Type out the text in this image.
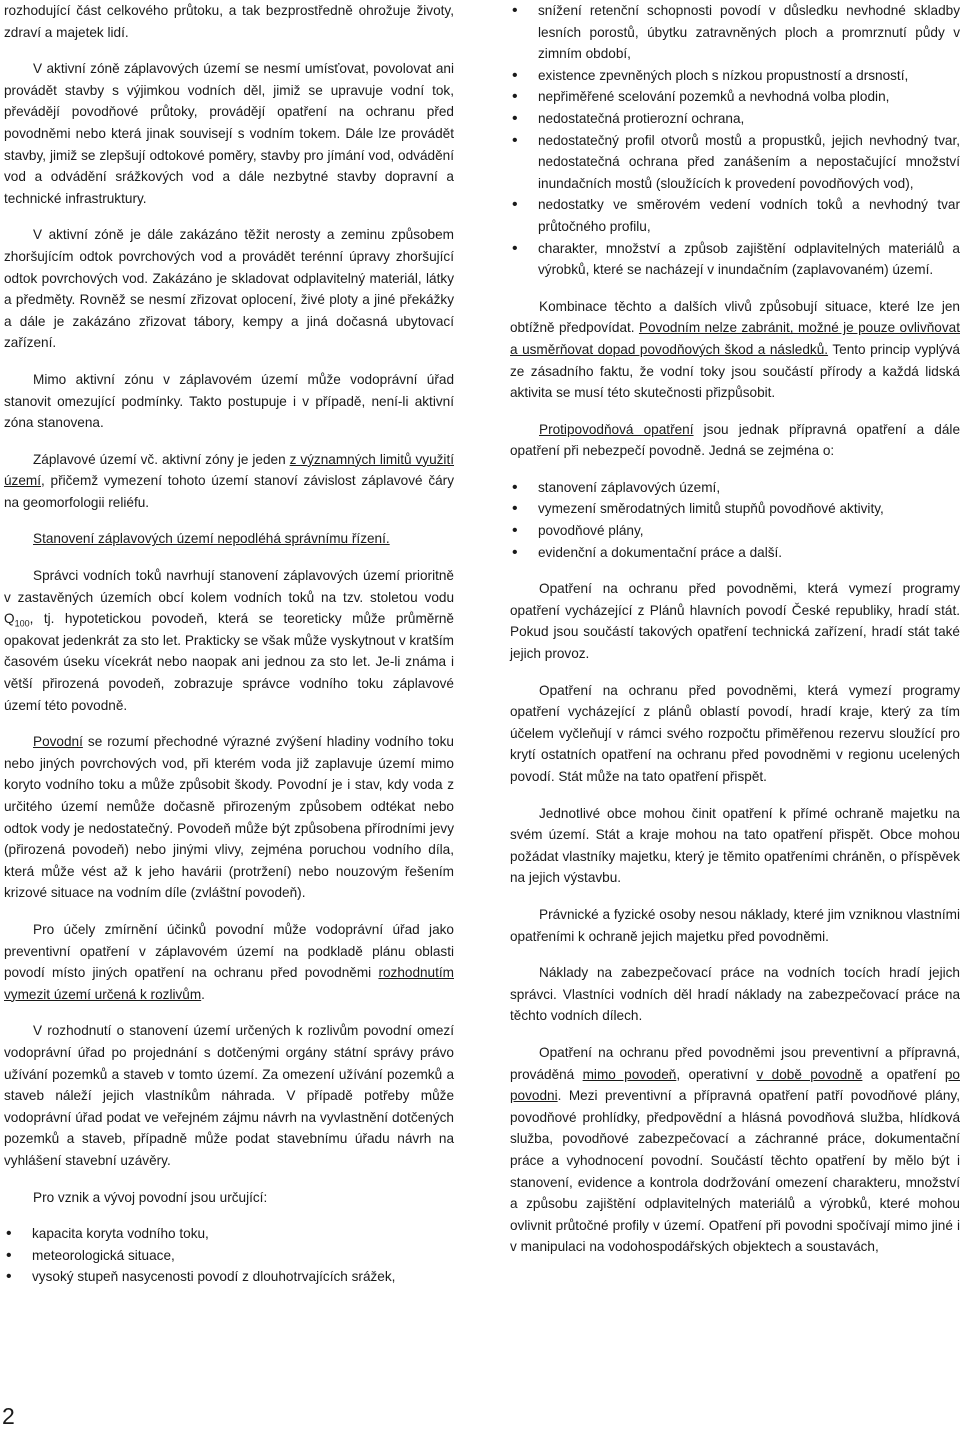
rozhodující část celkového průtoku, a tak bezprostředně ohrožuje životy, zdraví a majetek lidí.

V aktivní zóně záplavových území se nesmí umísťovat, povolovat ani provádět stavby s výjimkou vodních děl, jimiž se upravuje vodní tok, převádějí povodňové průtoky, provádějí opatření na ochranu před povodněmi nebo která jinak souvisejí s vodním tokem. Dále lze provádět stavby, jimiž se zlepšují odtokové poměry, stavby pro jímání vod, odvádění vod a odvádění srážkových vod a dále nezbytné stavby dopravní a technické infrastruktury.

V aktivní zóně je dále zakázáno těžit nerosty a zeminu způsobem zhoršujícím odtok povrchových vod a provádět terénní úpravy zhoršující odtok povrchových vod. Zakázáno je skladovat odplavitelný materiál, látky a předměty. Rovněž se nesmí zřizovat oplocení, živé ploty a jiné překážky a dále je zakázáno zřizovat tábory, kempy a jiná dočasná ubytovací zařízení.

Mimo aktivní zónu v záplavovém území může vodoprávní úřad stanovit omezující podmínky. Takto postupuje i v případě, není-li aktivní zóna stanovena.

Záplavové území vč. aktivní zóny je jeden z významných limitů využití území, přičemž vymezení tohoto území stanoví závislost záplavové čáry na geomorfologii reliéfu.

Stanovení záplavových území nepodléhá správnímu řízení.

Správci vodních toků navrhují stanovení záplavových území prioritně v zastavěných územích obcí kolem vodních toků na tzv. stoletou vodu $Q_{100}$, tj. hypotetickou povodeň, která se teoreticky může průměrně opakovat jedenkrát za sto let. Prakticky se však může vyskytnout v kratším časovém úseku vícekrát nebo naopak ani jednou za sto let. Je-li známa i větší přirozená povodeň, zobrazuje správce vodního toku záplavové území této povodně.

Povodní se rozumí přechodné výrazné zvýšení hladiny vodního toku nebo jiných povrchových vod, při kterém voda již zaplavuje území mimo koryto vodního toku a může způsobit škody. Povodní je i stav, kdy voda z určitého území nemůže dočasně přirozeným způsobem odtékat nebo odtok vody je nedostatečný. Povodeň může být způsobena přírodními jevy (přirozená povodeň) nebo jinými vlivy, zejména poruchou vodního díla, která může vést až k jeho havárii (protržení) nebo nouzovým řešením krizové situace na vodním díle (zvláštní povodeň).

Pro účely zmírnění účinků povodní může vodoprávní úřad jako preventivní opatření v záplavovém území na podkladě plánu oblasti povodí místo jiných opatření na ochranu před povodněmi rozhodnutím vymezit území určená k rozlivům.

V rozhodnutí o stanovení území určených k rozlivům povodní omezí vodoprávní úřad po projednání s dotčenými orgány státní správy právo užívání pozemků a staveb v tomto území. Za omezení užívání pozemků a staveb náleží jejich vlastníkům náhrada. V případě potřeby může vodoprávní úřad podat ve veřejném zájmu návrh na vyvlastnění dotčených pozemků a staveb, případně může podat stavebnímu úřadu návrh na vyhlášení stavební uzávěry.

Pro vznik a vývoj povodní jsou určující:

• kapacita koryta vodního toku,
• meteorologická situace,
• vysoký stupeň nasycenosti povodí z dlouhotrvajících srážek,
• snížení retenční schopnosti povodí v důsledku nevhodné skladby lesních porostů, úbytku zatravněných ploch a promrznutí půdy v zimním období,
• existence zpevněných ploch s nízkou propustností a drsností,
• nepřiměřené scelování pozemků a nevhodná volba plodin,
• nedostatečná protierozní ochrana,
• nedostatečný profil otvorů mostů a propustků, jejich nevhodný tvar, nedostatečná ochrana před zanášením a nepostačující množství inundačních mostů (sloužících k provedení povodňových vod),
• nedostatky ve směrovém vedení vodních toků a nevhodný tvar průtočného profilu,
• charakter, množství a způsob zajištění odplavitelných materiálů a výrobků, které se nacházejí v inundačním (zaplavovaném) území.

Kombinace těchto a dalších vlivů způsobují situace, které lze jen obtížně předpovídat. Povodním nelze zabránit, možné je pouze ovlivňovat a usměrňovat dopad povodňových škod a následků. Tento princip vyplývá ze zásadního faktu, že vodní toky jsou součástí přírody a každá lidská aktivita se musí této skutečnosti přizpůsobit.

Protipovodňová opatření jsou jednak přípravná opatření a dále opatření při nebezpečí povodně. Jedná se zejména o:

• stanovení záplavových území,
• vymezení směrodatných limitů stupňů povodňové aktivity,
• povodňové plány,
• evidenční a dokumentační práce a další.

Opatření na ochranu před povodněmi, která vymezí programy opatření vycházející z Plánů hlavních povodí České republiky, hradí stát. Pokud jsou součástí takových opatření technická zařízení, hradí stát také jejich provoz.

Opatření na ochranu před povodněmi, která vymezí programy opatření vycházející z plánů oblastí povodí, hradí kraje, který za tím účelem vyčleňují v rámci svého rozpočtu přiměřenou rezervu sloužící pro krytí ostatních opatření na ochranu před povodněmi v regionu ucelených povodí. Stát může na tato opatření přispět.

Jednotlivé obce mohou činit opatření k přímé ochraně majetku na svém území. Stát a kraje mohou na tato opatření přispět. Obce mohou požádat vlastníky majetku, který je těmito opatřeními chráněn, o příspěvek na jejich výstavbu.

Právnické a fyzické osoby nesou náklady, které jim vzniknou vlastními opatřeními k ochraně jejich majetku před povodněmi.

Náklady na zabezpečovací práce na vodních tocích hradí jejich správci. Vlastníci vodních děl hradí náklady na zabezpečovací práce na těchto vodních dílech.

Opatření na ochranu před povodněmi jsou preventivní a přípravná, prováděná mimo povodeň, operativní v době povodně a opatření po povodni. Mezi preventivní a přípravná opatření patří povodňové plány, povodňové prohlídky, předpovědní a hlásná povodňová služba, hlídková služba, povodňové zabezpečovací a záchranné práce, dokumentační práce a vyhodnocení povodní. Součástí těchto opatření by mělo být i stanovení, evidence a kontrola dodržování omezení charakteru, množství a způsobu zajištění odplavitelných materiálů a výrobků, které mohou ovlivnit průtočné profily v území. Opatření při povodni spočívají mimo jiné i v manipulaci na vodohospodářských objektech a soustavách,

2
